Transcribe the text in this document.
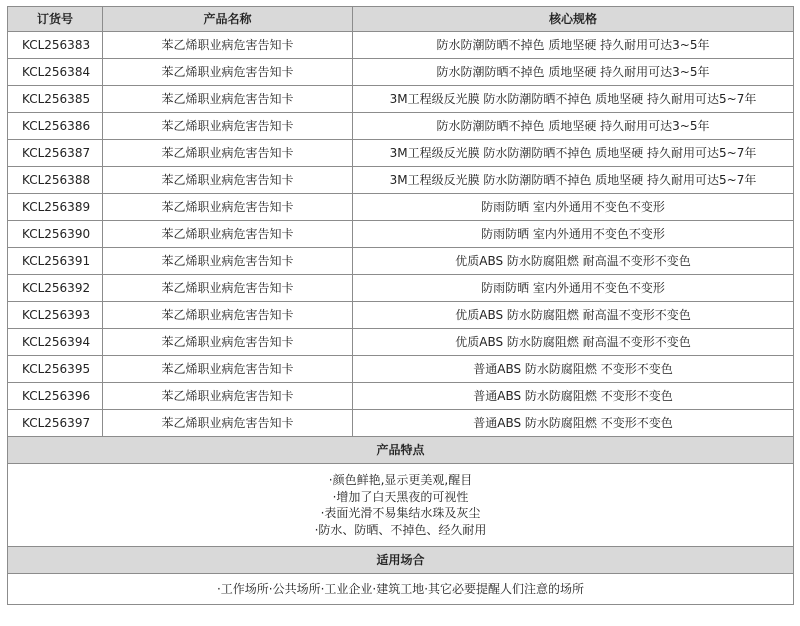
订货号	产品名称	核心规格
KCL256383	苯乙烯职业病危害告知卡	防水防潮防晒不掉色 质地坚硬 持久耐用可达3~5年
KCL256384	苯乙烯职业病危害告知卡	防水防潮防晒不掉色 质地坚硬 持久耐用可达3~5年
KCL256385	苯乙烯职业病危害告知卡	3M工程级反光膜 防水防潮防晒不掉色 质地坚硬 持久耐用可达5~7年
KCL256386	苯乙烯职业病危害告知卡	防水防潮防晒不掉色 质地坚硬 持久耐用可达3~5年
KCL256387	苯乙烯职业病危害告知卡	3M工程级反光膜 防水防潮防晒不掉色 质地坚硬 持久耐用可达5~7年
KCL256388	苯乙烯职业病危害告知卡	3M工程级反光膜 防水防潮防晒不掉色 质地坚硬 持久耐用可达5~7年
KCL256389	苯乙烯职业病危害告知卡	防雨防晒 室内外通用不变色不变形
KCL256390	苯乙烯职业病危害告知卡	防雨防晒 室内外通用不变色不变形
KCL256391	苯乙烯职业病危害告知卡	优质ABS 防水防腐阻燃 耐高温不变形不变色
KCL256392	苯乙烯职业病危害告知卡	防雨防晒 室内外通用不变色不变形
KCL256393	苯乙烯职业病危害告知卡	优质ABS 防水防腐阻燃 耐高温不变形不变色
KCL256394	苯乙烯职业病危害告知卡	优质ABS 防水防腐阻燃 耐高温不变形不变色
KCL256395	苯乙烯职业病危害告知卡	普通ABS 防水防腐阻燃 不变形不变色
KCL256396	苯乙烯职业病危害告知卡	普通ABS 防水防腐阻燃 不变形不变色
KCL256397	苯乙烯职业病危害告知卡	普通ABS 防水防腐阻燃 不变形不变色
产品特点		

·颜色鲜艳,显示更美观,醒目
·增加了白天黑夜的可视性
·表面光滑不易集结水珠及灰尘
·防水、防晒、不掉色、经久耐用		

适用场合		
·工作场所·公共场所·工业企业·建筑工地·其它必要提醒人们注意的场所		
